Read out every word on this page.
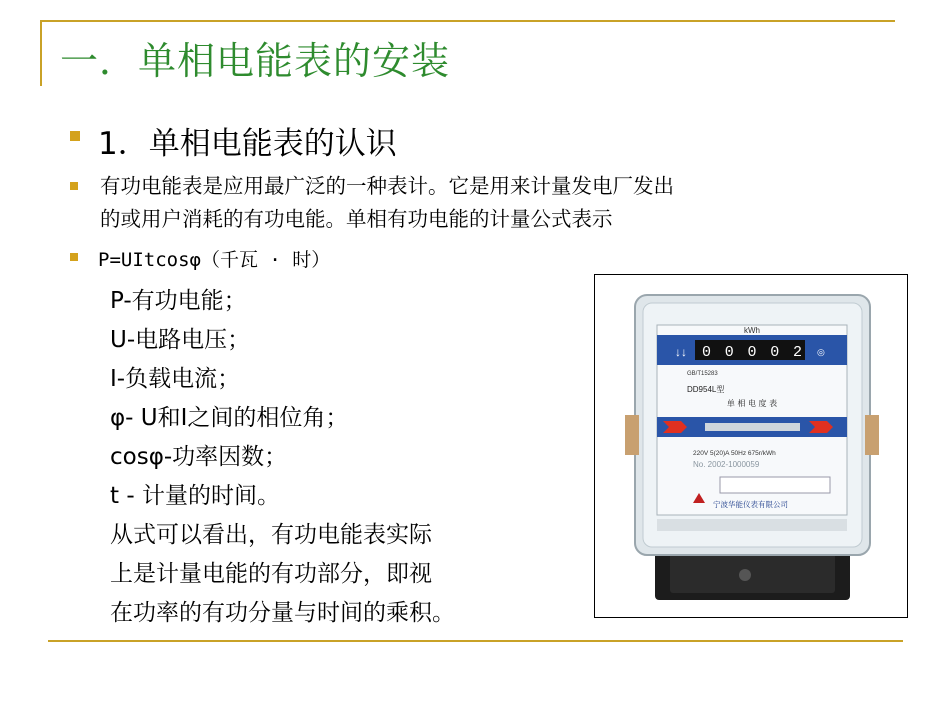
一．单相电能表的安装
1．单相电能表的认识
有功电能表是应用最广泛的一种表计。它是用来计量发电厂发出
的或用户消耗的有功电能。单相有功电能的计量公式表示
P=UItcosφ（千瓦 · 时）
P-有功电能；
U-电路电压；
I-负载电流；
φ- U和I之间的相位角；
cosφ-功率因数；
t - 计量的时间。
从式可以看出，有功电能表实际
上是计量电能的有功部分，即视
在功率的有功分量与时间的乘积。
kWh
00002
↓↓	◎
GB/T15283
DD954L型
单 相 电 度 表
220V 5(20)A 50Hz 675r/kWh
No. 2002-1000059
宁波华能仪表有限公司
